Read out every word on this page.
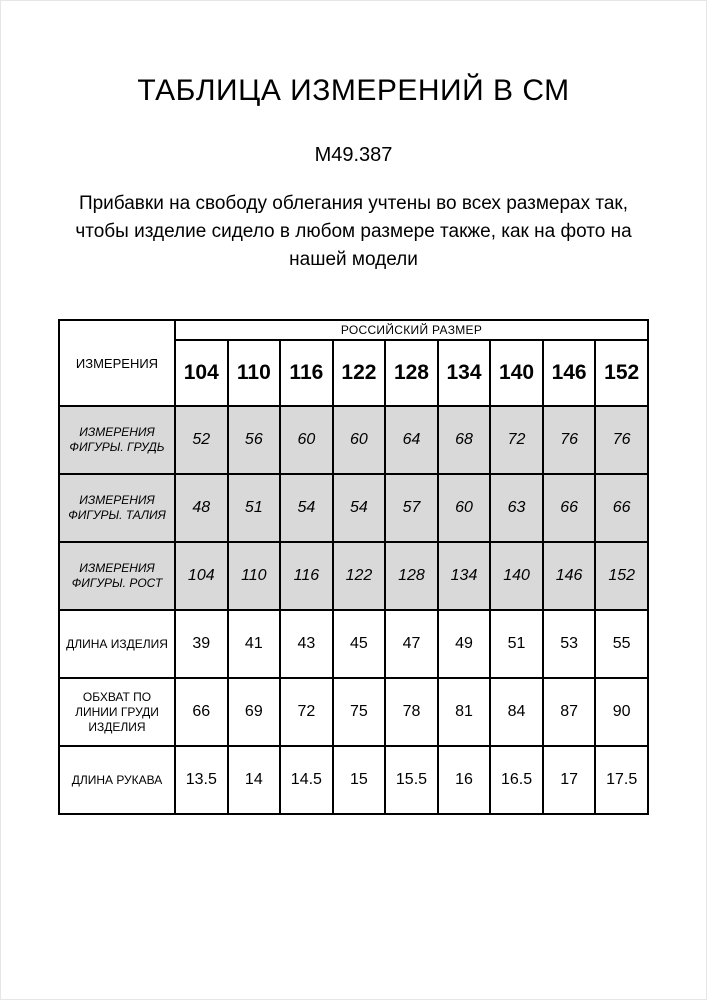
ТАБЛИЦА ИЗМЕРЕНИЙ В СМ
М49.387
Прибавки на свободу облегания учтены во всех размерах так,
чтобы изделие сидело в любом размере также, как на фото на
нашей модели
ИЗМЕРЕНИЯ	РОССИЙСКИЙ РАЗМЕР								
	104	110	116	122	128	134	140	146	152
ИЗМЕРЕНИЯ ФИГУРЫ. ГРУДЬ	52	56	60	60	64	68	72	76	76
ИЗМЕРЕНИЯ ФИГУРЫ. ТАЛИЯ	48	51	54	54	57	60	63	66	66
ИЗМЕРЕНИЯ ФИГУРЫ. РОСТ	104	110	116	122	128	134	140	146	152
ДЛИНА ИЗДЕЛИЯ	39	41	43	45	47	49	51	53	55
ОБХВАТ ПО ЛИНИИ ГРУДИ ИЗДЕЛИЯ	66	69	72	75	78	81	84	87	90
ДЛИНА РУКАВА	13.5	14	14.5	15	15.5	16	16.5	17	17.5
